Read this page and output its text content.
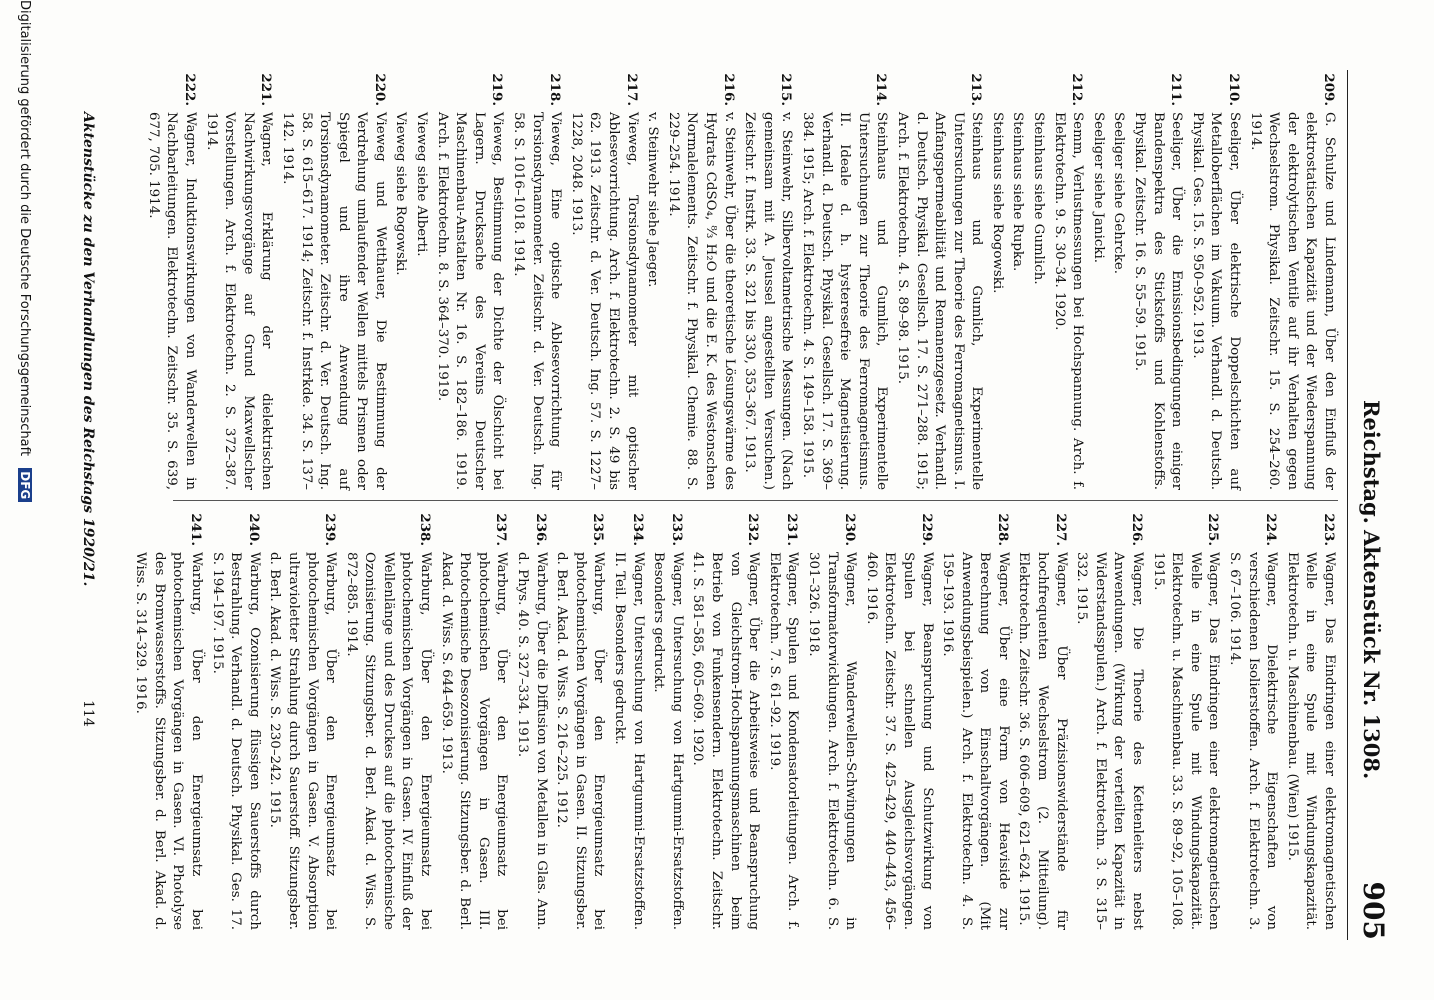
Reichstag.
Aktenstück Nr. 1308.
905
209.
G. Schulze und Lindemann, Über den Einfluß der elektrostatischen Kapazität und der Wiederspannung der elektrolytischen Ventile auf ihr Verhalten gegen Wechselstrom. Physikal. Zeitschr. 15. S. 254–260. 1914.
210.
Seeliger, Über elektrische Doppelschichten auf Metalloberflächen im Vakuum. Verhandl. d. Deutsch. Physikal. Ges. 15. S. 950–952. 1913.
211.
Seeliger, Über die Emissionsbedingungen einiger Bandenspektra des Stickstoffs und Kohlenstoffs. Physikal. Zeitschr. 16. S. 55–59. 1915.
Seeliger siehe Gehrcke.
Seeliger siehe Janicki.
212.
Semm, Verlustmessungen bei Hochspannung. Arch. f. Elektrotechn. 9. S. 30–34. 1920.
Steinhaus siehe Gumlich.
Steinhaus siehe Rupka.
Steinhaus siehe Rogowski.
213.
Steinhaus und Gumlich, Experimentelle Untersuchungen zur Theorie des Ferromagnetismus. I. Anfangspermeabilität und Remanenzgesetz. Verhandl. d. Deutsch. Physikal. Gesellsch. 17. S. 271–288. 1915; Arch. f. Elektrotechn. 4. S. 89–98. 1915.
214.
Steinhaus und Gumlich, Experimentelle Untersuchungen zur Theorie des Ferromagnetismus. II. Ideale d. h. hysteresefreie Magnetisierung. Verhandl. d. Deutsch. Physikal. Gesellsch. 17. S. 369–384. 1915; Arch. f. Elektrotechn. 4. S. 149–158. 1915.
215.
v. Steinwehr, Silbervoltametrische Messungen. (Nach gemeinsam mit A. Jeussel angestellten Versuchen.) Zeitschr. f. Instrk. 33. S. 321 bis 330, 353–367. 1913.
216.
v. Steinwehr, Über die theoretische Lösungswärme des Hydrats CdSO₄, ⁸⁄₃ H₂O und die E. K. des Westonschen Normalelements. Zeitschr. f. Physikal. Chemie. 88. S. 229–254. 1914.
v. Steinwehr siehe Jaeger.
217.
Vieweg, Torsionsdynamometer mit optischer Ablesevorrichtung. Arch. f. Elektrotechn. 2. S. 49 bis 62. 1913. Zeitschr. d. Ver. Deutsch. Ing. 57. S. 1227–1228, 2048. 1913.
218.
Vieweg, Eine optische Ablesevorrichtung für Torsionsdynamometer. Zeitschr. d. Ver. Deutsch. Ing. 58. S. 1016–1018. 1914.
219.
Vieweg, Bestimmung der Dichte der Ölschicht bei Lagern. Drucksache des Vereins Deutscher Maschinenbau-Anstalten Nr. 16. S. 182–186. 1919. Arch. f. Elektrotechn. 8. S. 364–370. 1919.
Vieweg siehe Alberti.
Vieweg siehe Rogowski.
220.
Vieweg und Wetthauer, Die Bestimmung der Verdrehung umlaufender Wellen mittels Prismen oder Spiegel und ihre Anwendung auf Torsionsdynamometer. Zeitschr. d. Ver. Deutsch. Ing. 58. S. 615–617. 1914; Zeitschr. f. Instrkde. 34. S. 137–142. 1914.
221.
Wagner, Erklärung der dielektrischen Nachwirkungsvorgänge auf Grund Maxwellscher Vorstellungen. Arch. f. Elektrotechn. 2. S. 372–387. 1914.
222.
Wagner, Induktionswirkungen von Wanderwellen in Nachbarleitungen. Elektrotechn. Zeitschr. 35. S. 639, 677, 705. 1914.
223.
Wagner, Das Eindringen einer elektromagnetischen Welle in eine Spule mit Windungskapazität. Elektrotechn. u. Maschinenbau. (Wien) 1915.
224.
Wagner, Dielektrische Eigenschaften von verschiedenen Isolierstoffen. Arch. f. Elektrotechn. 3. S. 67–106. 1914.
225.
Wagner, Das Eindringen einer elektromagnetischen Welle in eine Spule mit Windungskapazität. Elektrotechn. u. Maschinenbau. 33. S. 89–92, 105–108. 1915.
226.
Wagner, Die Theorie des Kettenleiters nebst Anwendungen. (Wirkung der verteilten Kapazität in Widerstandsspulen.) Arch. f. Elektrotechn. 3. S. 315–332. 1915.
227.
Wagner, Über Präzisionswiderstände für hochfrequenten Wechselstrom (2. Mitteilung). Elektrotechn. Zeitschr. 36. S. 606–609, 621–624. 1915.
228.
Wagner, Über eine Form von Heaviside zur Berechnung von Einschaltvorgängen. (Mit Anwendungsbeispielen.) Arch. f. Elektrotechn. 4. S. 159–193. 1916.
229.
Wagner, Beanspruchung und Schutzwirkung von Spulen bei schnellen Ausgleichsvorgängen. Elektrotechn. Zeitschr. 37. S. 425–429, 440–443, 456–460. 1916.
230.
Wagner, Wanderwellen-Schwingungen in Transformatorwicklungen. Arch. f. Elektrotechn. 6. S. 301–326. 1918.
231.
Wagner, Spulen und Kondensatorleitungen. Arch. f. Elektrotechn. 7. S. 61–92. 1919.
232.
Wagner, Über die Arbeitsweise und Beanspruchung von Gleichstrom-Hochspannungsmaschinen beim Betrieb von Funkensendern. Elektrotechn. Zeitschr. 41. S. 581–585, 605–609. 1920.
233.
Wagner, Untersuchung von Hartgummi-Ersatzstoffen. Besonders gedruckt.
234.
Wagner, Untersuchung von Hartgummi-Ersatzstoffen. II. Teil. Besonders gedruckt.
235.
Warburg, Über den Energieumsatz bei photochemischen Vorgängen in Gasen. II. Sitzungsber. d. Berl. Akad. d. Wiss. S. 216–225. 1912.
236.
Warburg, Über die Diffusion von Metallen in Glas. Ann. d. Phys. 40. S. 327–334. 1913.
237.
Warburg, Über den Energieumsatz bei photochemischen Vorgängen in Gasen. III. Photochemische Desozonisierung. Sitzungsber. d. Berl. Akad. d. Wiss. S. 644–659. 1913.
238.
Warburg, Über den Energieumsatz bei photochemischen Vorgängen in Gasen. IV. Einfluß der Wellenlänge und des Druckes auf die photochemische Ozonisierung. Sitzungsber. d. Berl. Akad. d. Wiss. S. 872–885. 1914.
239.
Warburg, Über den Energieumsatz bei photochemischen Vorgängen in Gasen. V. Absorption ultravioletter Strahlung durch Sauerstoff. Sitzungsber. d. Berl. Akad. d. Wiss. S. 230–242. 1915.
240.
Warburg, Ozonisierung flüssigen Sauerstoffs durch Bestrahlung. Verhandl. d. Deutsch. Physikal. Ges. 17. S. 194–197. 1915.
241.
Warburg, Über den Energieumsatz bei photochemischen Vorgängen in Gasen. VI. Photolyse des Bromwasserstoffs. Sitzungsber. d. Berl. Akad. d. Wiss. S. 314–329. 1916.
Aktenstücke zu den Verhandlungen des Reichstags 1920/21.
114
Digitalisierung gefördert durch die Deutsche Forschungsgemeinschaft DFG
